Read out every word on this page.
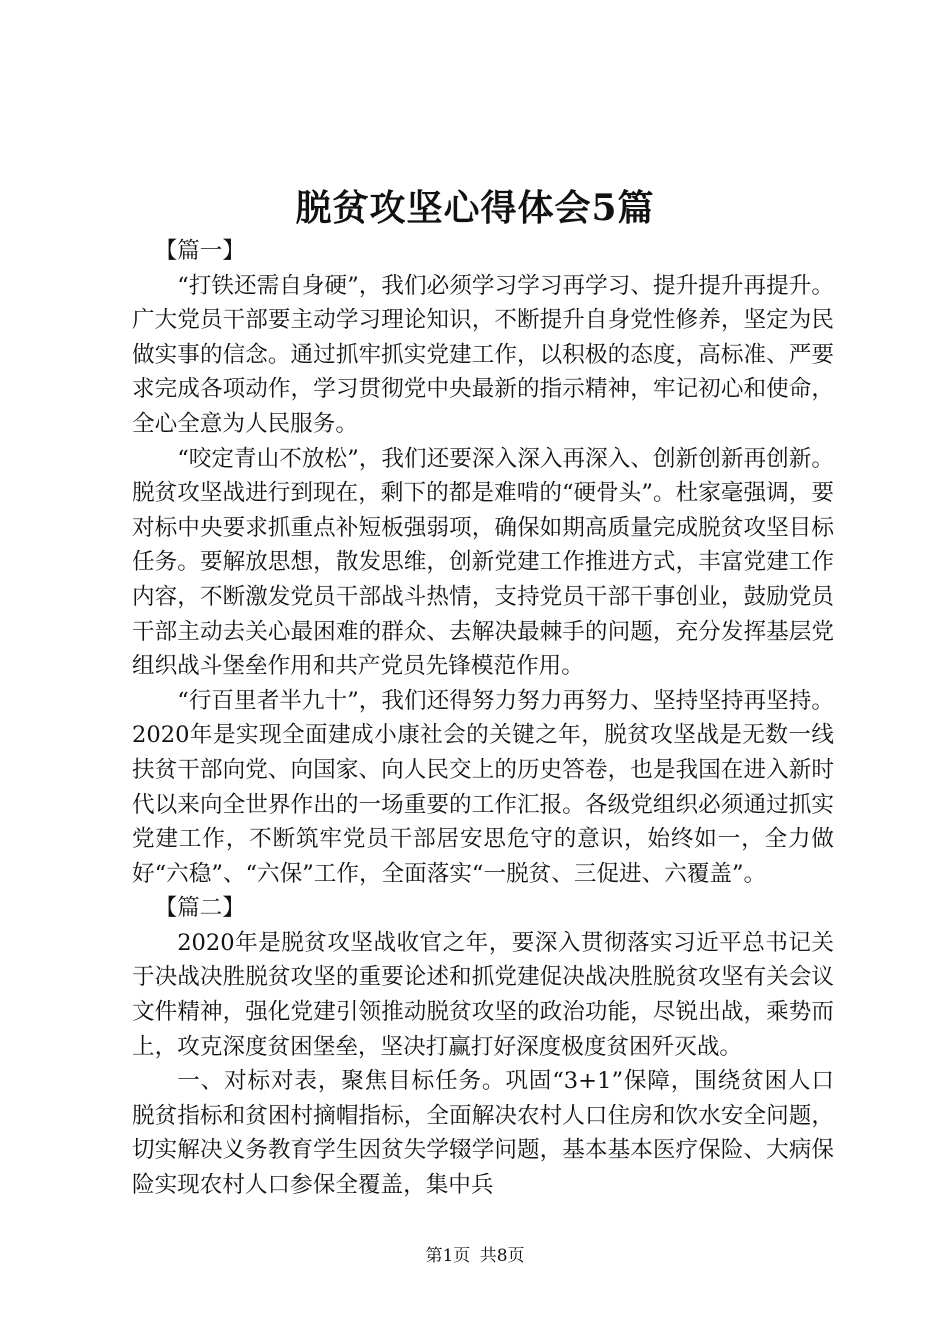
脱贫攻坚心得体会5篇

【篇一】

“打铁还需自身硬”，我们必须学习学习再学习、提升提升再提升。广大党员干部要主动学习理论知识，不断提升自身党性修养，坚定为民做实事的信念。通过抓牢抓实党建工作，以积极的态度，高标准、严要求完成各项动作，学习贯彻党中央最新的指示精神，牢记初心和使命，全心全意为人民服务。

“咬定青山不放松”，我们还要深入深入再深入、创新创新再创新。脱贫攻坚战进行到现在，剩下的都是难啃的“硬骨头”。杜家毫强调，要对标中央要求抓重点补短板强弱项，确保如期高质量完成脱贫攻坚目标任务。要解放思想，散发思维，创新党建工作推进方式，丰富党建工作内容，不断激发党员干部战斗热情，支持党员干部干事创业，鼓励党员干部主动去关心最困难的群众、去解决最棘手的问题，充分发挥基层党组织战斗堡垒作用和共产党员先锋模范作用。

“行百里者半九十”，我们还得努力努力再努力、坚持坚持再坚持。2020年是实现全面建成小康社会的关键之年，脱贫攻坚战是无数一线扶贫干部向党、向国家、向人民交上的历史答卷，也是我国在进入新时代以来向全世界作出的一场重要的工作汇报。各级党组织必须通过抓实党建工作，不断筑牢党员干部居安思危守的意识，始终如一，全力做好“六稳”、“六保”工作，全面落实“一脱贫、三促进、六覆盖”。

【篇二】

2020年是脱贫攻坚战收官之年，要深入贯彻落实习近平总书记关于决战决胜脱贫攻坚的重要论述和抓党建促决战决胜脱贫攻坚有关会议文件精神，强化党建引领推动脱贫攻坚的政治功能，尽锐出战，乘势而上，攻克深度贫困堡垒，坚决打赢打好深度极度贫困歼灭战。

一、对标对表，聚焦目标任务。巩固“3+1”保障，围绕贫困人口脱贫指标和贫困村摘帽指标，全面解决农村人口住房和饮水安全问题，切实解决义务教育学生因贫失学辍学问题，基本基本医疗保险、大病保险实现农村人口参保全覆盖，集中兵

第1页 共8页
